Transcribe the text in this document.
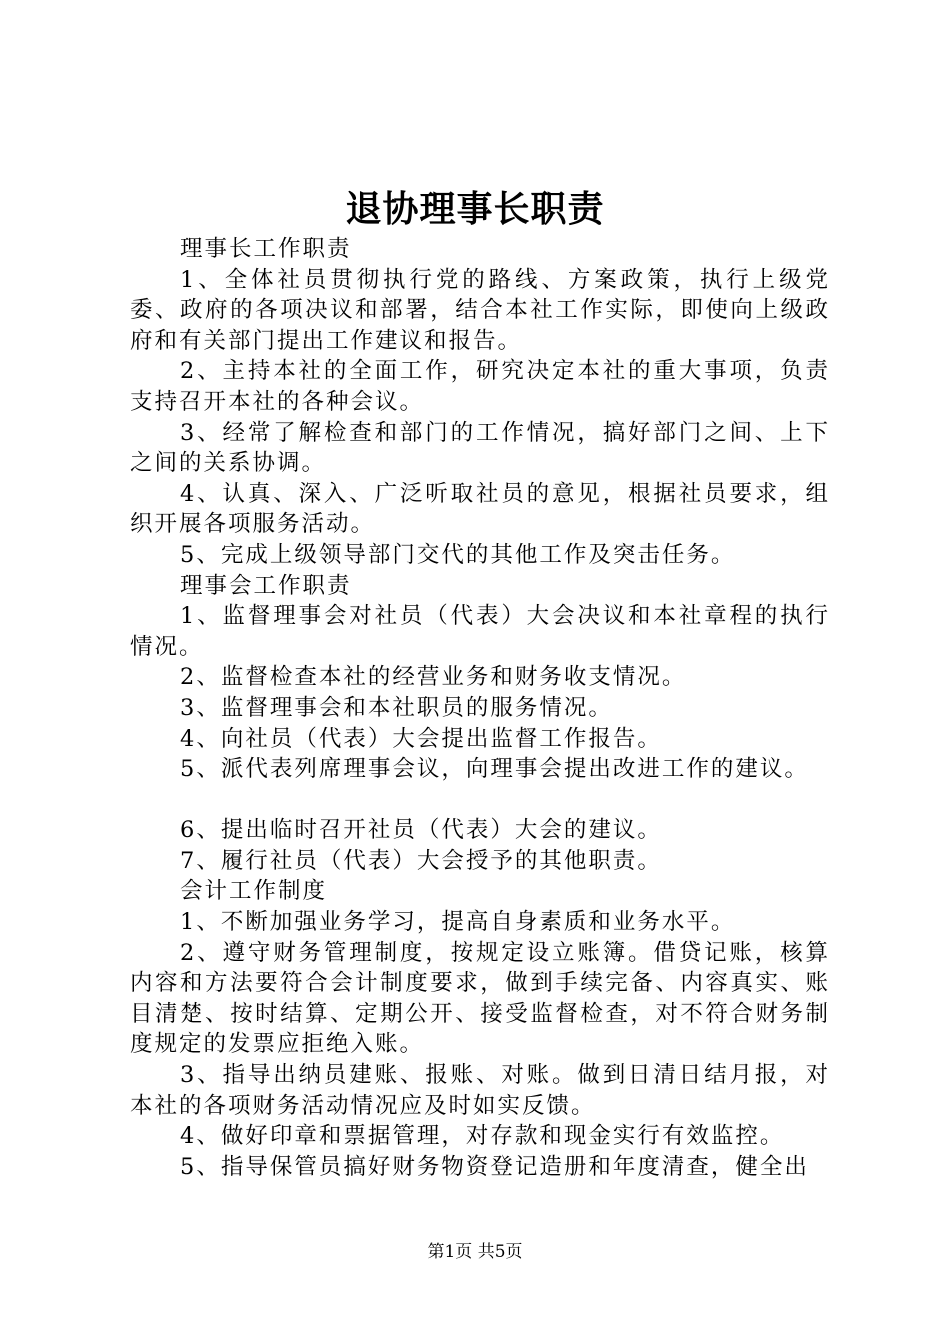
退协理事长职责

理事长工作职责

1、全体社员贯彻执行党的路线、方案政策，执行上级党委、政府的各项决议和部署，结合本社工作实际，即使向上级政府和有关部门提出工作建议和报告。

2、主持本社的全面工作，研究决定本社的重大事项，负责支持召开本社的各种会议。

3、经常了解检查和部门的工作情况，搞好部门之间、上下之间的关系协调。

4、认真、深入、广泛听取社员的意见，根据社员要求，组织开展各项服务活动。

5、完成上级领导部门交代的其他工作及突击任务。

理事会工作职责

1、监督理事会对社员（代表）大会决议和本社章程的执行情况。

2、监督检查本社的经营业务和财务收支情况。

3、监督理事会和本社职员的服务情况。

4、向社员（代表）大会提出监督工作报告。

5、派代表列席理事会议，向理事会提出改进工作的建议。

6、提出临时召开社员（代表）大会的建议。

7、履行社员（代表）大会授予的其他职责。

会计工作制度

1、不断加强业务学习，提高自身素质和业务水平。

2、遵守财务管理制度，按规定设立账簿。借贷记账，核算内容和方法要符合会计制度要求，做到手续完备、内容真实、账目清楚、按时结算、定期公开、接受监督检查，对不符合财务制度规定的发票应拒绝入账。

3、指导出纳员建账、报账、对账。做到日清日结月报，对本社的各项财务活动情况应及时如实反馈。

4、做好印章和票据管理，对存款和现金实行有效监控。

5、指导保管员搞好财务物资登记造册和年度清查，健全出

第1页 共5页
